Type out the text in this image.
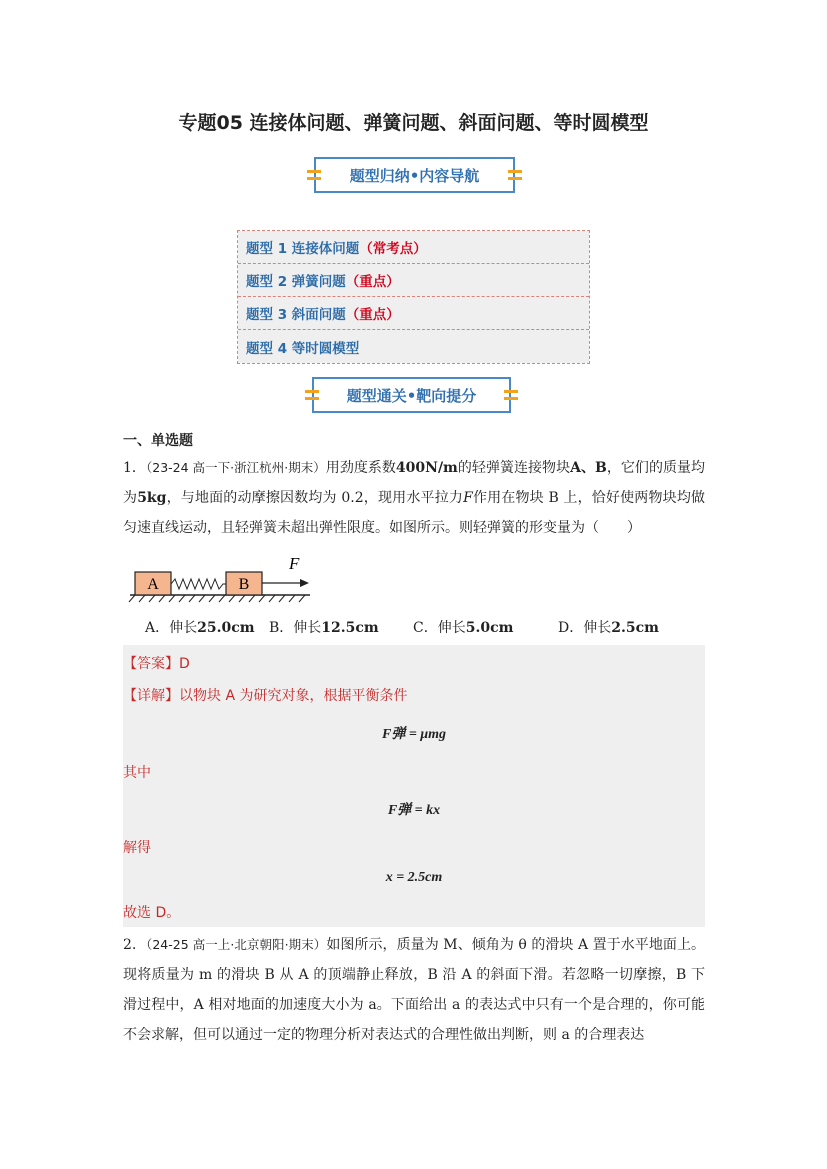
专题05 连接体问题、弹簧问题、斜面问题、等时圆模型
题型归纳•内容导航
题型 1 连接体问题 （常考点）
题型 2 弹簧问题 （重点）
题型 3 斜面问题 （重点）
题型 4 等时圆模型
题型通关•靶向提分
一、单选题
1．（23-24 高一下·浙江杭州·期末）用劲度系数400N/m的轻弹簧连接物块A、B，它们的质量均为5kg，与地面的动摩擦因数均为 0.2，现用水平拉力F作用在物块 B 上，恰好使两物块均做匀速直线运动，且轻弹簧未超出弹性限度。如图所示。则轻弹簧的形变量为（　　）
A	B
F
A．伸长25.0cm	B．伸长12.5cm	C．伸长5.0cm	D．伸长2.5cm
【答案】D
【详解】以物块 A 为研究对象，根据平衡条件
F弹 = μmg
其中
F弹 = kx
解得
x = 2.5cm
故选 D。
2．（24-25 高一上·北京朝阳·期末）如图所示，质量为 M、倾角为 θ 的滑块 A 置于水平地面上。现将质量为 m 的滑块 B 从 A 的顶端静止释放，B 沿 A 的斜面下滑。若忽略一切摩擦，B 下滑过程中，A 相对地面的加速度大小为 a。下面给出 a 的表达式中只有一个是合理的，你可能不会求解，但可以通过一定的物理分析对表达式的合理性做出判断，则 a 的合理表达
